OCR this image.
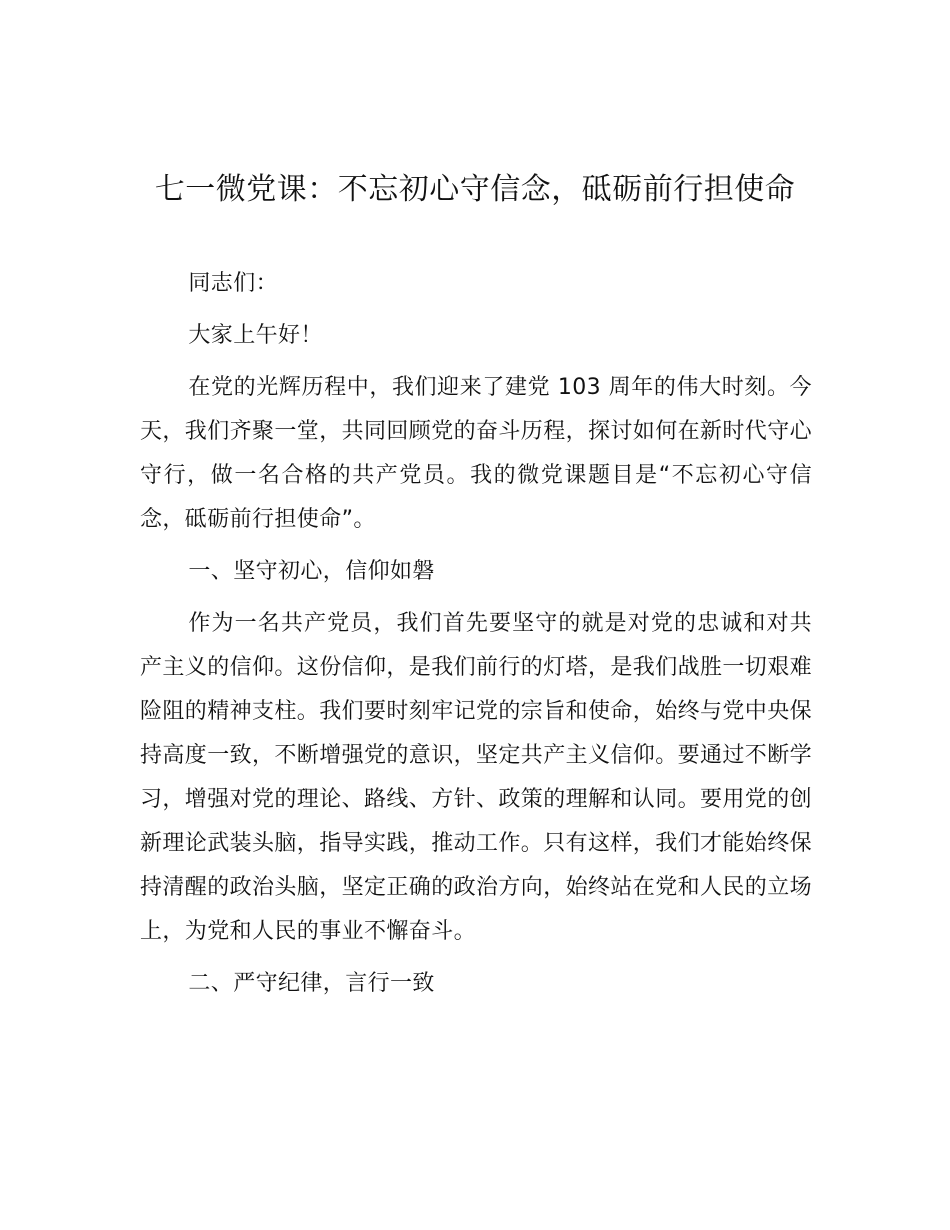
七一微党课：不忘初心守信念，砥砺前行担使命

同志们：

大家上午好！

在党的光辉历程中，我们迎来了建党 103 周年的伟大时刻。今天，我们齐聚一堂，共同回顾党的奋斗历程，探讨如何在新时代守心守行，做一名合格的共产党员。我的微党课题目是“不忘初心守信念，砥砺前行担使命”。

一、坚守初心，信仰如磐

作为一名共产党员，我们首先要坚守的就是对党的忠诚和对共产主义的信仰。这份信仰，是我们前行的灯塔，是我们战胜一切艰难险阻的精神支柱。我们要时刻牢记党的宗旨和使命，始终与党中央保持高度一致，不断增强党的意识，坚定共产主义信仰。要通过不断学习，增强对党的理论、路线、方针、政策的理解和认同。要用党的创新理论武装头脑，指导实践，推动工作。只有这样，我们才能始终保持清醒的政治头脑，坚定正确的政治方向，始终站在党和人民的立场上，为党和人民的事业不懈奋斗。

二、严守纪律，言行一致
